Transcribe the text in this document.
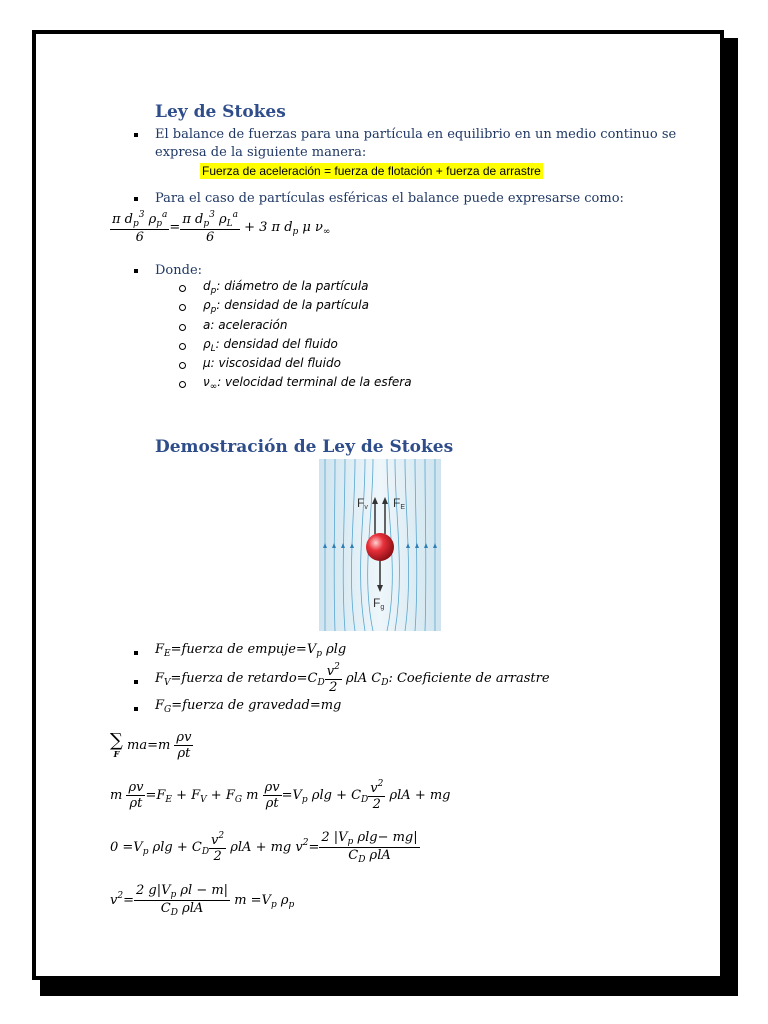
Ley de Stokes

El balance de fuerzas para una partícula en equilibrio en un medio continuo se

expresa de la siguiente manera:

Fuerza de aceleración = fuerza de flotación + fuerza de arrastre

Para el caso de partículas esféricas el balance puede expresarse como:

$\frac{\pi d_p^3 \rho_p^a}{6} = \frac{\pi d_p^3 \rho_L^a}{6} + 3$ π $d_p$ μ $\nu_\infty$

Donde:

$d_p$: diámetro de la partícula
$\rho_p$: densidad de la partícula
a: aceleración
$\rho_L$: densidad del fluido
μ: viscosidad del fluido
$\nu_\infty$: velocidad terminal de la esfera
Demostración de Ley de Stokes
Fv FE
Fg
$F_E=fuerza$ de $empuje=V_p$ ρlg
$F_V=fuerza$ de $retardo=C_D \frac{v^2}{2}$ ρlA $C_D$: Coeficiente de arrastre
$F_G=fuerza$ de gravedad=mg
∑
F
$ma=m \frac{\rho v}{\rho t}$
m $\frac{\rho v}{\rho t} =F_E + F_V + F_G$ m $\frac{\rho v}{\rho t} =V_p$ $\rho\lg + C_D \frac{v^2}{2}$ ρlA + mg
$0 =V_p$ $\rho\lg + C_D \frac{v^2}{2}$ ρlA + mg $v^2= \frac{2 |V_p \rho\lg- mg|}{C_D \rho lA}$
$v^2= \frac{2 g|V_p \rho l - m|}{C_D \rho lA}$ $m =V_p$ $\rho_p$
